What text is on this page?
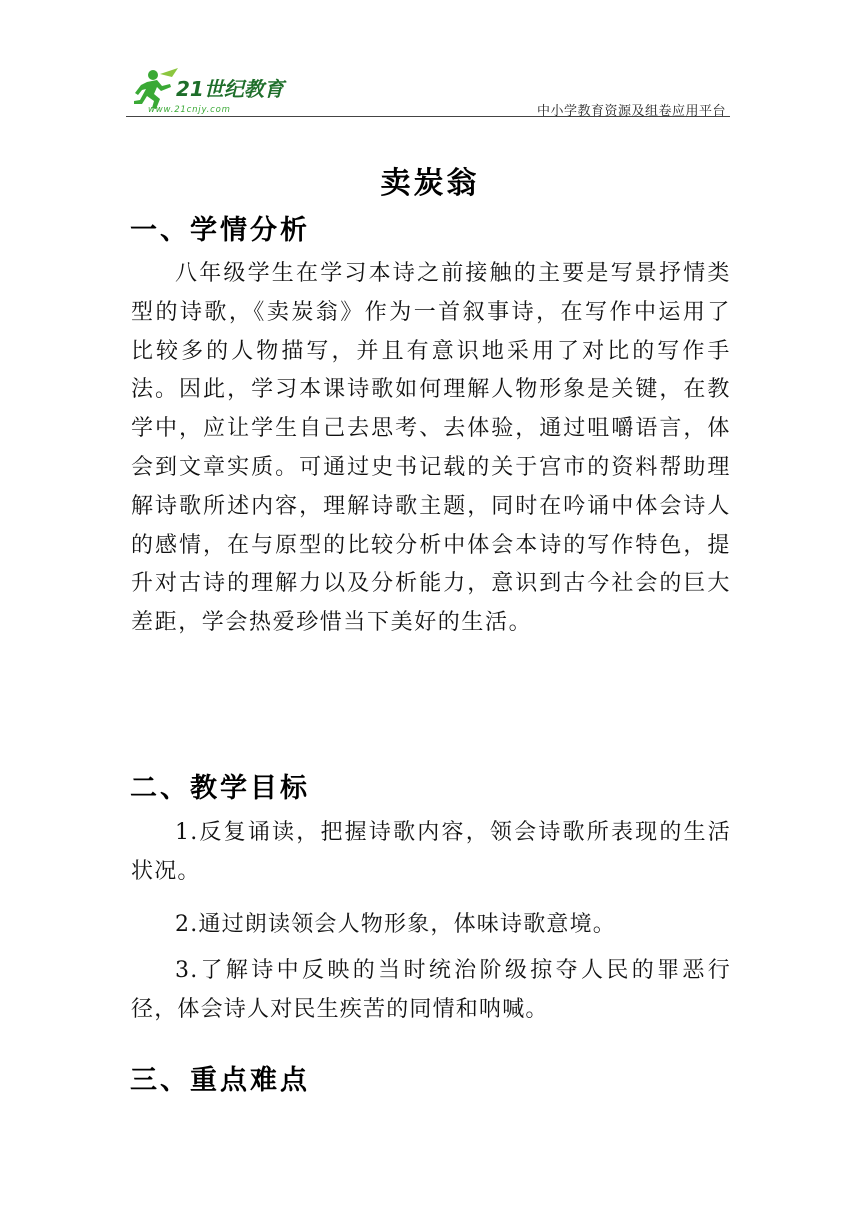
21世纪教育
www.21cnjy.com	中小学教育资源及组卷应用平台
卖炭翁
一、学情分析

八年级学生在学习本诗之前接触的主要是写景抒情类型的诗歌，《卖炭翁》作为一首叙事诗，在写作中运用了比较多的人物描写，并且有意识地采用了对比的写作手法。因此，学习本课诗歌如何理解人物形象是关键，在教学中，应让学生自己去思考、去体验，通过咀嚼语言，体会到文章实质。可通过史书记载的关于宫市的资料帮助理解诗歌所述内容，理解诗歌主题，同时在吟诵中体会诗人的感情，在与原型的比较分析中体会本诗的写作特色，提升对古诗的理解力以及分析能力，意识到古今社会的巨大差距，学会热爱珍惜当下美好的生活。

二、教学目标

1.反复诵读，把握诗歌内容，领会诗歌所表现的生活状况。

2.通过朗读领会人物形象，体味诗歌意境。

3.了解诗中反映的当时统治阶级掠夺人民的罪恶行径，体会诗人对民生疾苦的同情和呐喊。

三、重点难点
